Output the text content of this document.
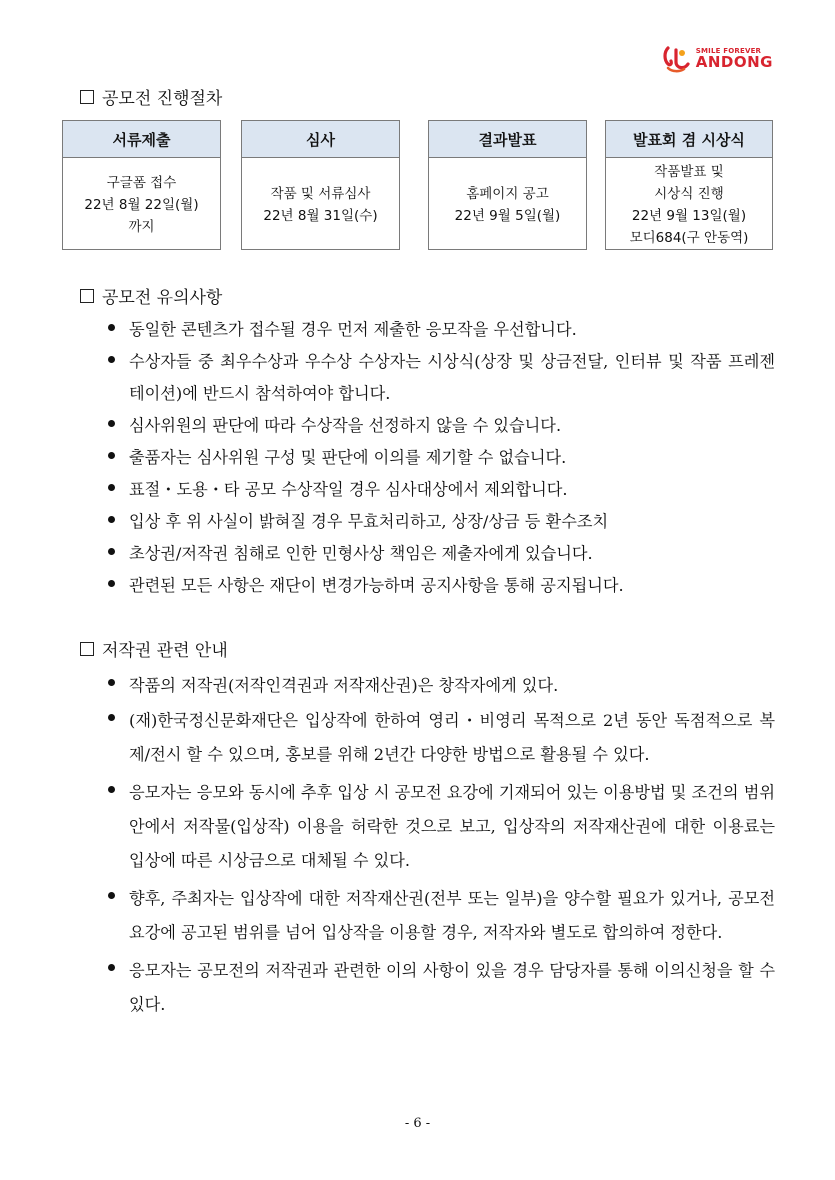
SMILE FOREVER
ANDONG
공모전 진행절차
서류제출
구글폼 접수
22년 8월 22일(월)
까지
심사
작품 및 서류심사
22년 8월 31일(수)
결과발표
홈페이지 공고
22년 9월 5일(월)
발표회 겸 시상식
작품발표 및
시상식 진행
22년 9월 13일(월)
모디684(구 안동역)
공모전 유의사항
동일한 콘텐츠가 접수될 경우 먼저 제출한 응모작을 우선합니다.
수상자들 중 최우수상과 우수상 수상자는 시상식(상장 및 상금전달, 인터뷰 및 작품 프레젠테이션)에 반드시 참석하여야 합니다.
심사위원의 판단에 따라 수상작을 선정하지 않을 수 있습니다.
출품자는 심사위원 구성 및 판단에 이의를 제기할 수 없습니다.
표절・도용・타 공모 수상작일 경우 심사대상에서 제외합니다.
입상 후 위 사실이 밝혀질 경우 무효처리하고, 상장/상금 등 환수조치
초상권/저작권 침해로 인한 민형사상 책임은 제출자에게 있습니다.
관련된 모든 사항은 재단이 변경가능하며 공지사항을 통해 공지됩니다.
저작권 관련 안내
작품의 저작권(저작인격권과 저작재산권)은 창작자에게 있다.
(재)한국정신문화재단은 입상작에 한하여 영리・비영리 목적으로 2년 동안 독점적으로 복제/전시 할 수 있으며, 홍보를 위해 2년간 다양한 방법으로 활용될 수 있다.
응모자는 응모와 동시에 추후 입상 시 공모전 요강에 기재되어 있는 이용방법 및 조건의 범위 안에서 저작물(입상작) 이용을 허락한 것으로 보고, 입상작의 저작재산권에 대한 이용료는 입상에 따른 시상금으로 대체될 수 있다.
향후, 주최자는 입상작에 대한 저작재산권(전부 또는 일부)을 양수할 필요가 있거나, 공모전 요강에 공고된 범위를 넘어 입상작을 이용할 경우, 저작자와 별도로 합의하여 정한다.
응모자는 공모전의 저작권과 관련한 이의 사항이 있을 경우 담당자를 통해 이의신청을 할 수 있다.
- 6 -
